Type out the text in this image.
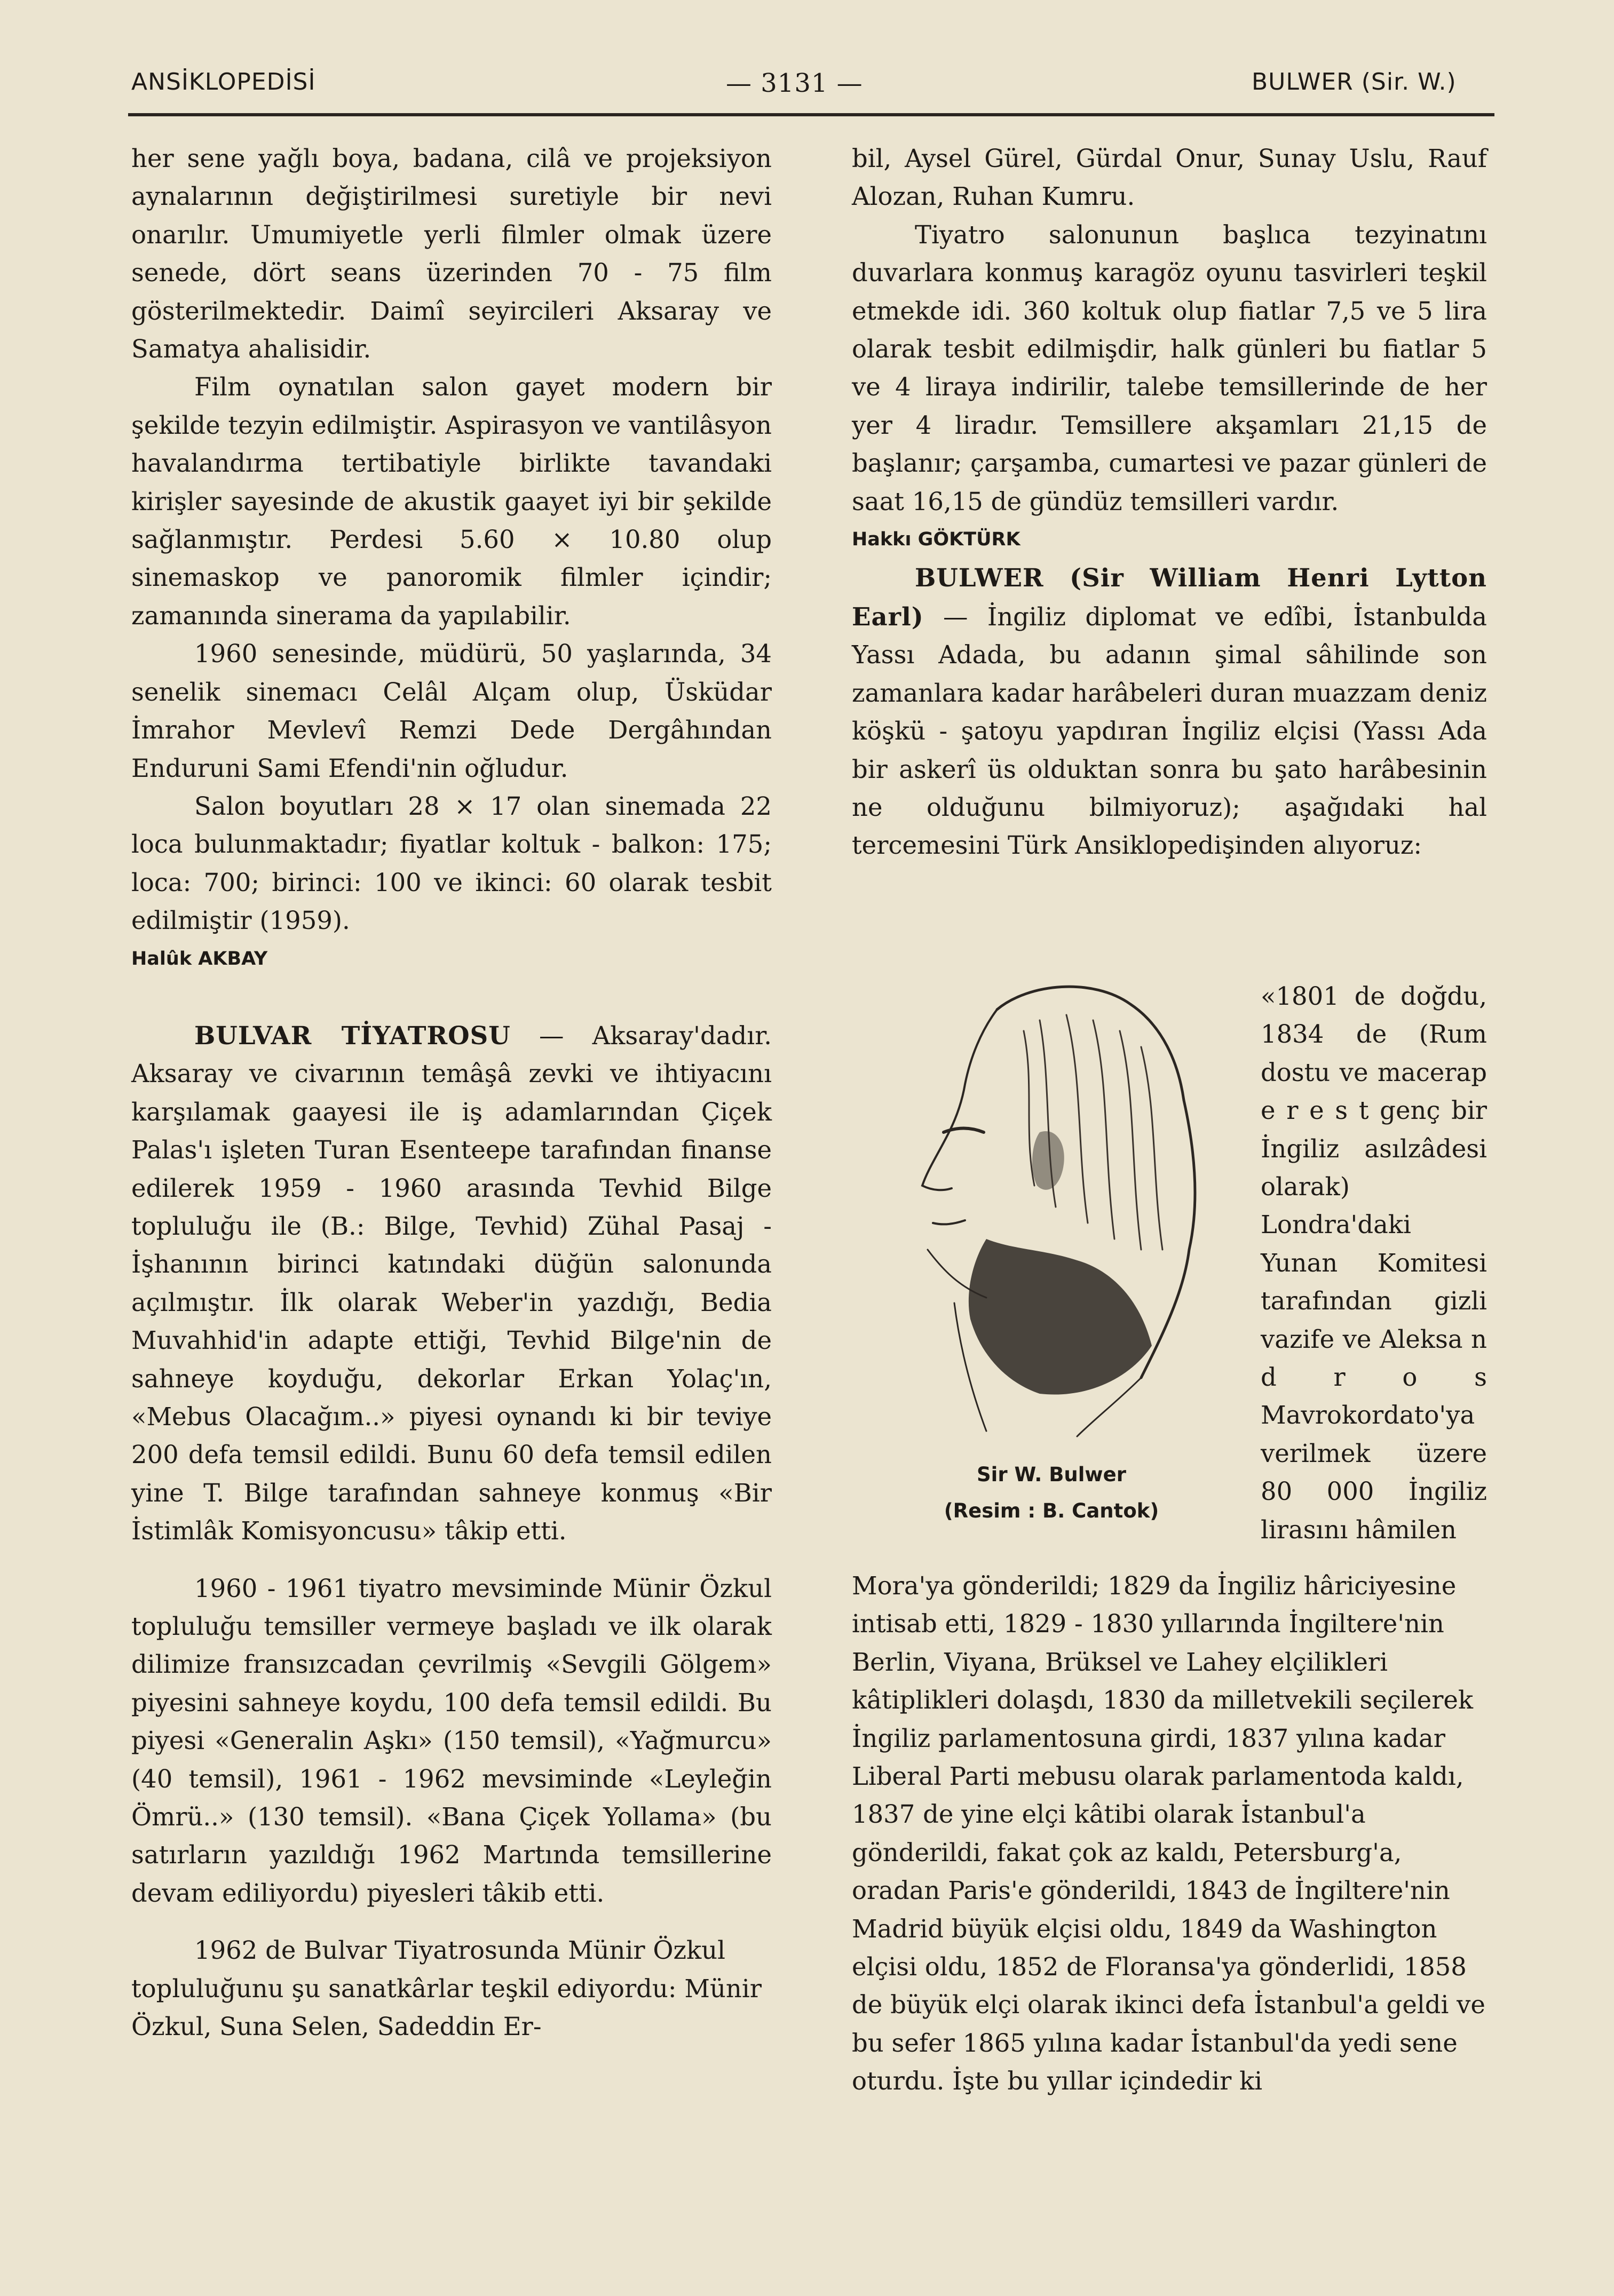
ANSİKLOPEDİSİ	— 3131 —	BULWER (Sir. W.)

her sene yağlı boya, badana, cilâ ve projeksiyon aynalarının değiştirilmesi suretiyle bir nevi onarılır. Umumiyetle yerli filmler olmak üzere senede, dört seans üzerinden 70 - 75 film gösterilmektedir. Daimî seyircileri Aksaray ve Samatya ahalisidir.

Film oynatılan salon gayet modern bir şekilde tezyin edilmiştir. Aspirasyon ve vantilâsyon havalandırma tertibatiyle birlikte tavandaki kirişler sayesinde de akustik gaayet iyi bir şekilde sağlanmıştır. Perdesi 5.60 × 10.80 olup sinemaskop ve panoromik filmler içindir; zamanında sinerama da yapılabilir.

1960 senesinde, müdürü, 50 yaşlarında, 34 senelik sinemacı Celâl Alçam olup, Üsküdar İmrahor Mevlevî Remzi Dede Dergâhından Enduruni Sami Efendi'nin oğludur.

Salon boyutları 28 × 17 olan sinemada 22 loca bulunmaktadır; fiyatlar koltuk - balkon: 175; loca: 700; birinci: 100 ve ikinci: 60 olarak tesbit edilmiştir (1959).

Halûk AKBAY

BULVAR TİYATROSU — Aksaray'dadır. Aksaray ve civarının temâşâ zevki ve ihtiyacını karşılamak gaayesi ile iş adamlarından Çiçek Palas'ı işleten Turan Esenteepe tarafından finanse edilerek 1959 - 1960 arasında Tevhid Bilge topluluğu ile (B.: Bilge, Tevhid) Zühal Pasaj - İşhanının birinci katındaki düğün salonunda açılmıştır. İlk olarak Weber'in yazdığı, Bedia Muvahhid'in adapte ettiği, Tevhid Bilge'nin de sahneye koyduğu, dekorlar Erkan Yolaç'ın, «Mebus Olacağım..» piyesi oynandı ki bir teviye 200 defa temsil edildi. Bunu 60 defa temsil edilen yine T. Bilge tarafından sahneye konmuş «Bir İstimlâk Komisyoncusu» tâkip etti.

1960 - 1961 tiyatro mevsiminde Münir Özkul topluluğu temsiller vermeye başladı ve ilk olarak dilimize fransızcadan çevrilmiş «Sevgili Gölgem» piyesini sahneye koydu, 100 defa temsil edildi. Bu piyesi «Generalin Aşkı» (150 temsil), «Yağmurcu» (40 temsil), 1961 - 1962 mevsiminde «Leyleğin Ömrü..» (130 temsil). «Bana Çiçek Yollama» (bu satırların yazıldığı 1962 Martında temsillerine devam ediliyordu) piyesleri tâkib etti.

1962 de Bulvar Tiyatrosunda Münir Özkul topluluğunu şu sanatkârlar teşkil ediyordu: Münir Özkul, Suna Selen, Sadeddin Er-

bil, Aysel Gürel, Gürdal Onur, Sunay Uslu, Rauf Alozan, Ruhan Kumru.

Tiyatro salonunun başlıca tezyinatını duvarlara konmuş karagöz oyunu tasvirleri teşkil etmekde idi. 360 koltuk olup fiatlar 7,5 ve 5 lira olarak tesbit edilmişdir, halk günleri bu fiatlar 5 ve 4 liraya indirilir, talebe temsillerinde de her yer 4 liradır. Temsillere akşamları 21,15 de başlanır; çarşamba, cumartesi ve pazar günleri de saat 16,15 de gündüz temsilleri vardır.

Hakkı GÖKTÜRK

BULWER (Sir William Henri Lytton Earl) — İngiliz diplomat ve edîbi, İstanbulda Yassı Adada, bu adanın şimal sâhilinde son zamanlara kadar harâbeleri duran muazzam deniz köşkü - şatoyu yapdıran İngiliz elçisi (Yassı Ada bir askerî üs olduktan sonra bu şato harâbesinin ne olduğunu bilmiyoruz); aşağıdaki hal tercemesini Türk Ansiklopedişinden alıyoruz:

«1801 de doğdu, 1834 de (Rum dostu ve macerap e r e s t genç bir İngiliz asılzâdesi olarak) Londra'daki Yunan Komitesi tarafından gizli vazife ve Aleksa n d r o s Mavrokordato'ya verilmek üzere 80 000 İngiliz lirasını hâmilen

Sir W. Bulwer
(Resim : B. Cantok)

Mora'ya gönderildi; 1829 da İngiliz hâriciyesine intisab etti, 1829 - 1830 yıllarında İngiltere'nin Berlin, Viyana, Brüksel ve Lahey elçilikleri kâtiplikleri dolaşdı, 1830 da milletvekili seçilerek İngiliz parlamentosuna girdi, 1837 yılına kadar Liberal Parti mebusu olarak parlamentoda kaldı, 1837 de yine elçi kâtibi olarak İstanbul'a gönderildi, fakat çok az kaldı, Petersburg'a, oradan Paris'e gönderildi, 1843 de İngiltere'nin Madrid büyük elçisi oldu, 1849 da Washington elçisi oldu, 1852 de Floransa'ya gönderlidi, 1858 de büyük elçi olarak ikinci defa İstanbul'a geldi ve bu sefer 1865 yılına kadar İstanbul'da yedi sene oturdu. İşte bu yıllar içindedir ki
